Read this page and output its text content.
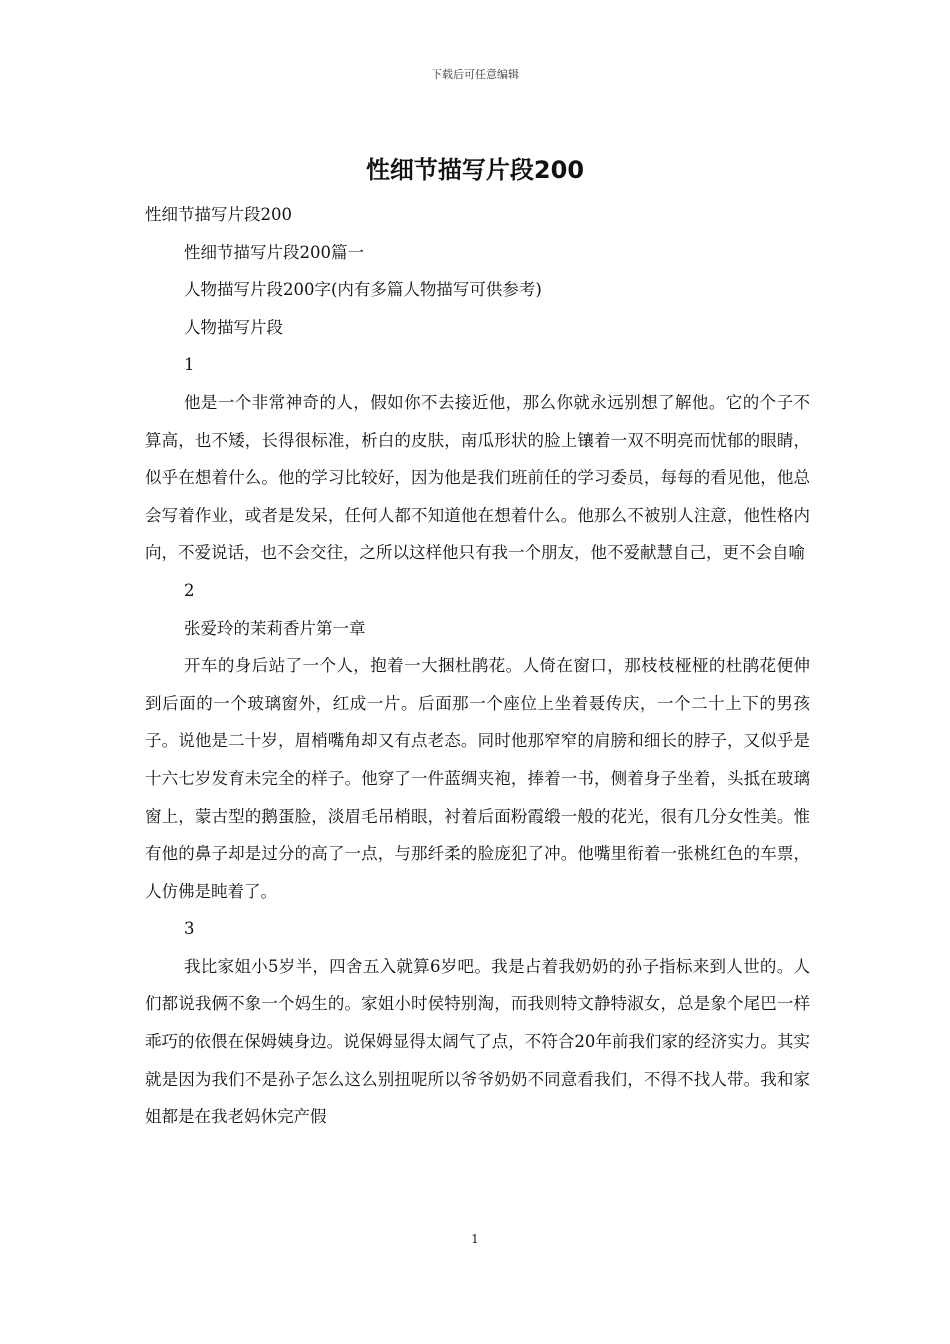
下载后可任意编辑
性细节描写片段200

性细节描写片段200

性细节描写片段200篇一

人物描写片段200字(内有多篇人物描写可供参考)

人物描写片段

1

他是一个非常神奇的人，假如你不去接近他，那么你就永远别想了解他。它的个子不算高，也不矮，长得很标准，析白的皮肤，南瓜形状的脸上镶着一双不明亮而忧郁的眼睛，似乎在想着什么。他的学习比较好，因为他是我们班前任的学习委员，每每的看见他，他总会写着作业，或者是发呆，任何人都不知道他在想着什么。他那么不被别人注意，他性格内向，不爱说话，也不会交往，之所以这样他只有我一个朋友，他不爱献慧自己，更不会自喻

2

张爱玲的茉莉香片第一章

开车的身后站了一个人，抱着一大捆杜鹃花。人倚在窗口，那枝枝桠桠的杜鹃花便伸到后面的一个玻璃窗外，红成一片。后面那一个座位上坐着聂传庆，一个二十上下的男孩子。说他是二十岁，眉梢嘴角却又有点老态。同时他那窄窄的肩膀和细长的脖子，又似乎是十六七岁发育未完全的样子。他穿了一件蓝绸夹袍，捧着一书，侧着身子坐着，头抵在玻璃窗上，蒙古型的鹅蛋脸，淡眉毛吊梢眼，衬着后面粉霞缎一般的花光，很有几分女性美。惟有他的鼻子却是过分的高了一点，与那纤柔的脸庞犯了冲。他嘴里衔着一张桃红色的车票，人仿佛是盹着了。

3

我比家姐小5岁半，四舍五入就算6岁吧。我是占着我奶奶的孙子指标来到人世的。人们都说我俩不象一个妈生的。家姐小时侯特别淘，而我则特文静特淑女，总是象个尾巴一样乖巧的依偎在保姆姨身边。说保姆显得太阔气了点，不符合20年前我们家的经济实力。其实就是因为我们不是孙子怎么这么别扭呢所以爷爷奶奶不同意看我们，不得不找人带。我和家姐都是在我老妈休完产假

1
